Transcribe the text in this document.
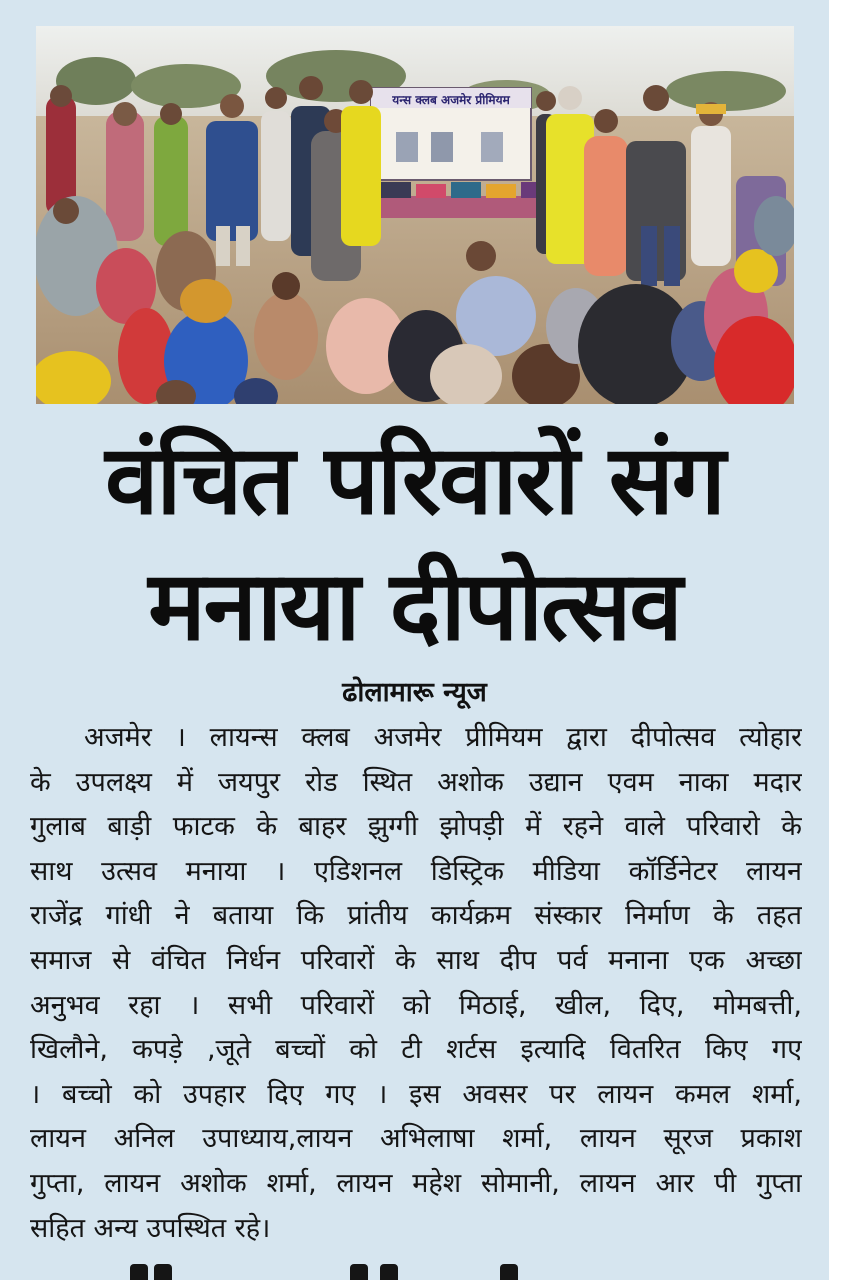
यन्स क्लब अजमेर प्रीमियम
वंचित परिवारों संग
मनाया दीपोत्सव
ढोलामारू न्यूज
अजमेर । लायन्स क्लब अजमेर प्रीमियम द्वारा दीपोत्सव त्योहार
के उपलक्ष्य में जयपुर रोड स्थित अशोक उद्यान एवम नाका मदार
गुलाब बाड़ी फाटक के बाहर झुग्गी झोपड़ी में रहने वाले परिवारो के
साथ उत्सव मनाया । एडिशनल डिस्ट्रिक मीडिया कॉर्डिनेटर लायन
राजेंद्र गांधी ने बताया कि प्रांतीय कार्यक्रम संस्कार निर्माण के तहत
समाज से वंचित निर्धन परिवारों के साथ दीप पर्व मनाना एक अच्छा
अनुभव रहा । सभी परिवारों को मिठाई, खील, दिए, मोमबत्ती,
खिलौने, कपड़े ,जूते बच्चों को टी शर्टस इत्यादि वितरित किए गए
। बच्चो को उपहार दिए गए । इस अवसर पर लायन कमल शर्मा,
लायन अनिल उपाध्याय,लायन अभिलाषा शर्मा, लायन सूरज प्रकाश
गुप्ता, लायन अशोक शर्मा, लायन महेश सोमानी, लायन आर पी गुप्ता
सहित अन्य उपस्थित रहे।
